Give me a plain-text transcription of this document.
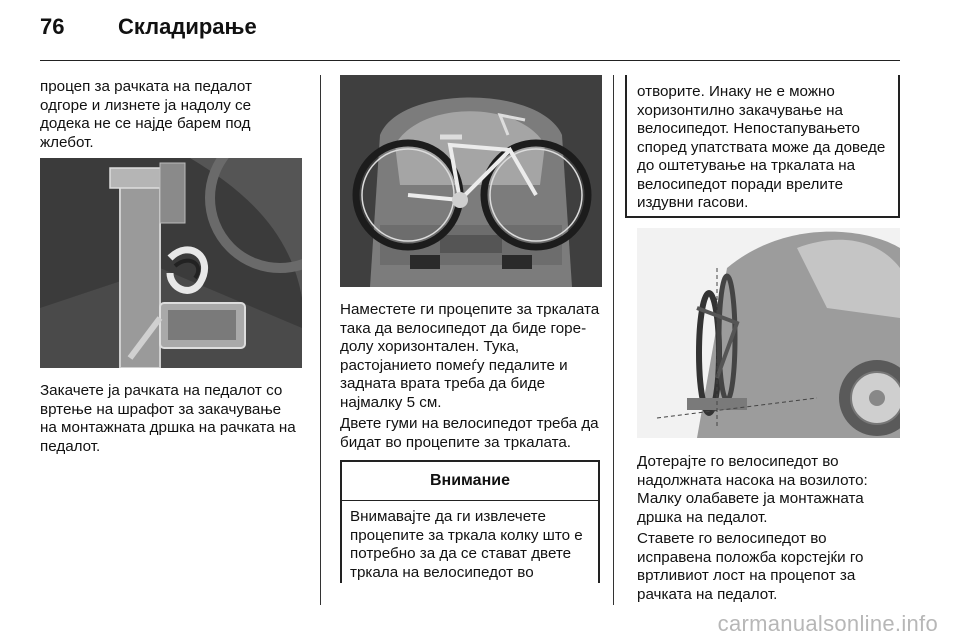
76 Складирање

процеп за рачката на педалот одгоре и лизнете ја надолу се додека не се најде барем под жлебот.

Закачете ја рачката на педалот со вртење на шрафот за закачување на монтажната дршка на рачката на педалот.

Наместете ги процепите за тркалата така да велосипедот да биде горе-долу хоризонтален. Тука, растојанието помеѓу педалите и задната врата треба да биде најмалку 5 cм.

Двете гуми на велосипедот треба да бидат во процепите за тркалата.

Внимание

Внимавајте да ги извлечете процепите за тркала колку што е потребно за да се стават двете тркала на велосипедот во

отворите. Инаку не е можно хоризонтилно закачување на велосипедот. Непостапувањето според упатствата може да доведе до оштетување на тркалата на велосипедот поради врелите издувни гасови.

Дотерајте го велосипедот во надолжната насока на возилото: Малку олабавете ја монтажната дршка на педалот.

Ставете го велосипедот во исправена положба корстејќи го вртливиот лост на процепот за рачката на педалот.

carmanualsonline.info
